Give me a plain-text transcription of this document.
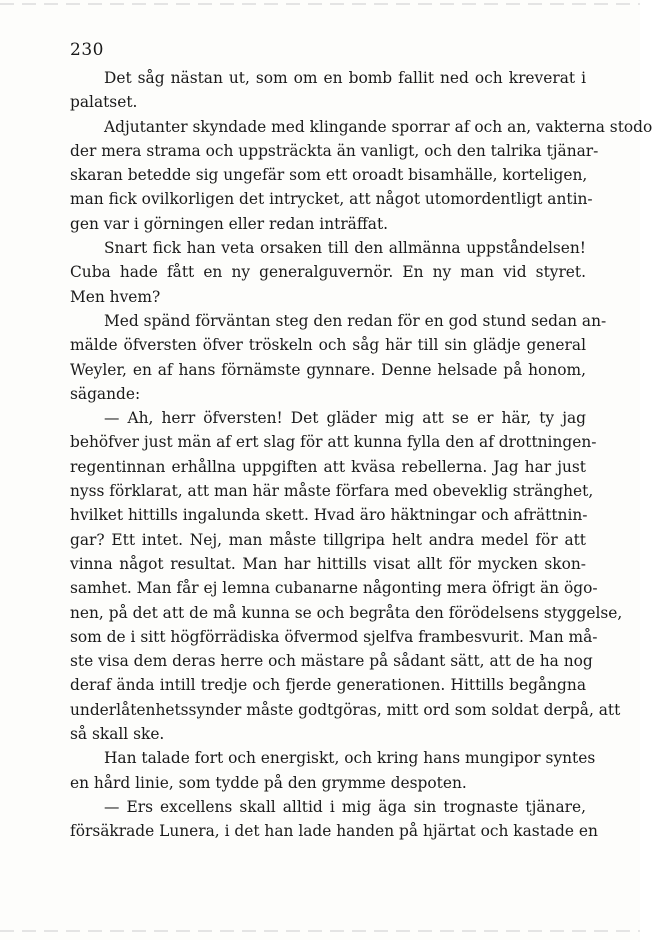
230
Det såg nästan ut, som om en bomb fallit ned och kreverat i
palatset.
Adjutanter skyndade med klingande sporrar af och an, vakterna stodo
der mera strama och uppsträckta än vanligt, och den talrika tjänar-
skaran betedde sig ungefär som ett oroadt bisamhälle, korteligen,
man fick ovilkorligen det intrycket, att något utomordentligt antin-
gen var i görningen eller redan inträffat.
Snart fick han veta orsaken till den allmänna uppståndelsen!
Cuba hade fått en ny generalguvernör. En ny man vid styret.
Men hvem?
Med spänd förväntan steg den redan för en god stund sedan an-
mälde öfversten öfver tröskeln och såg här till sin glädje general
Weyler, en af hans förnämste gynnare. Denne helsade på honom,
sägande:
— Ah, herr öfversten! Det gläder mig att se er här, ty jag
behöfver just män af ert slag för att kunna fylla den af drottningen-
regentinnan erhållna uppgiften att kväsa rebellerna. Jag har just
nyss förklarat, att man här måste förfara med obeveklig stränghet,
hvilket hittills ingalunda skett. Hvad äro häktningar och afrättnin-
gar? Ett intet. Nej, man måste tillgripa helt andra medel för att
vinna något resultat. Man har hittills visat allt för mycken skon-
samhet. Man får ej lemna cubanarne någonting mera öfrigt än ögo-
nen, på det att de må kunna se och begråta den förödelsens styggelse,
som de i sitt högförrädiska öfvermod sjelfva frambesvurit. Man må-
ste visa dem deras herre och mästare på sådant sätt, att de ha nog
deraf ända intill tredje och fjerde generationen. Hittills begångna
underlåtenhetssynder måste godtgöras, mitt ord som soldat derpå, att
så skall ske.
Han talade fort och energiskt, och kring hans mungipor syntes
en hård linie, som tydde på den grymme despoten.
— Ers excellens skall alltid i mig äga sin trognaste tjänare,
försäkrade Lunera, i det han lade handen på hjärtat och kastade en
